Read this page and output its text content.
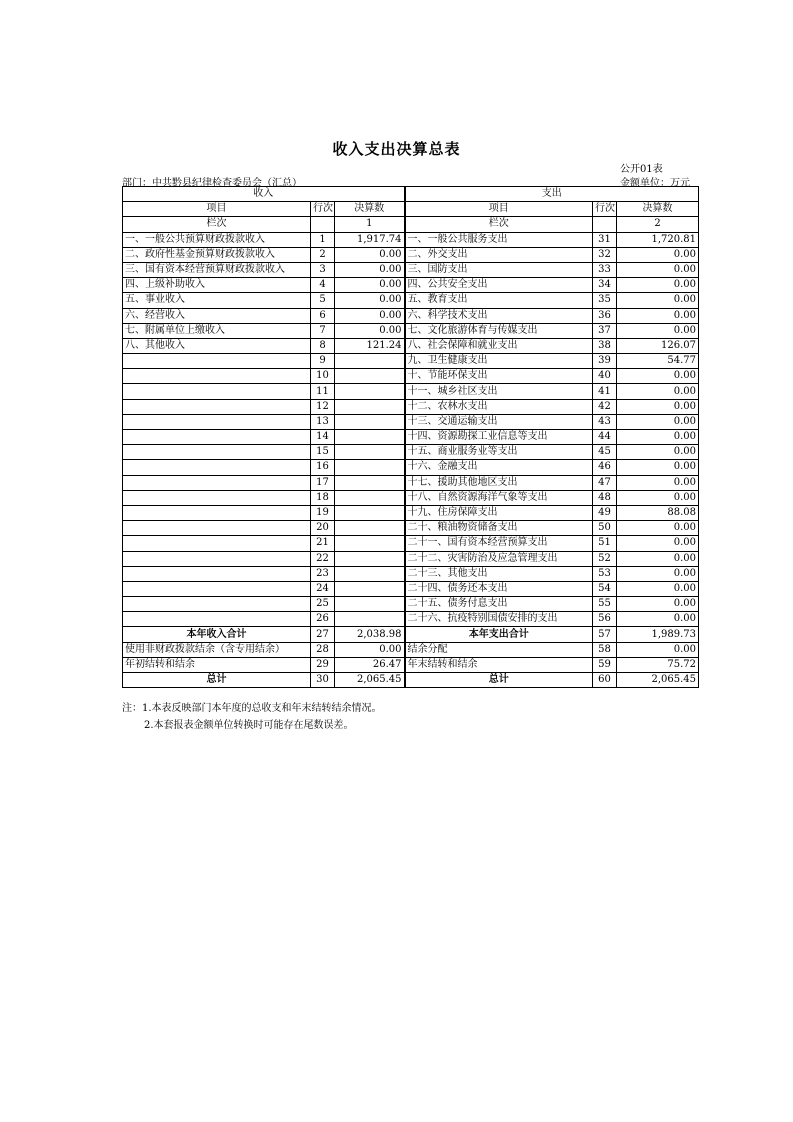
收入支出决算总表
公开01表
部门：中共黔县纪律检查委员会（汇总）	金额单位：万元
收入			支出		
项目	行次	决算数	项目	行次	决算数
栏次		1	栏次		2
一、一般公共预算财政拨款收入	1	1,917.74	一、一般公共服务支出	31	1,720.81
二、政府性基金预算财政拨款收入	2	0.00	二、外交支出	32	0.00
三、国有资本经营预算财政拨款收入	3	0.00	三、国防支出	33	0.00
四、上级补助收入	4	0.00	四、公共安全支出	34	0.00
五、事业收入	5	0.00	五、教育支出	35	0.00
六、经营收入	6	0.00	六、科学技术支出	36	0.00
七、附属单位上缴收入	7	0.00	七、文化旅游体育与传媒支出	37	0.00
八、其他收入	8	121.24	八、社会保障和就业支出	38	126.07
	9		九、卫生健康支出	39	54.77
	10		十、节能环保支出	40	0.00
	11		十一、城乡社区支出	41	0.00
	12		十二、农林水支出	42	0.00
	13		十三、交通运输支出	43	0.00
	14		十四、资源勘探工业信息等支出	44	0.00
	15		十五、商业服务业等支出	45	0.00
	16		十六、金融支出	46	0.00
	17		十七、援助其他地区支出	47	0.00
	18		十八、自然资源海洋气象等支出	48	0.00
	19		十九、住房保障支出	49	88.08
	20		二十、粮油物资储备支出	50	0.00
	21		二十一、国有资本经营预算支出	51	0.00
	22		二十二、灾害防治及应急管理支出	52	0.00
	23		二十三、其他支出	53	0.00
	24		二十四、债务还本支出	54	0.00
	25		二十五、债务付息支出	55	0.00
	26		二十六、抗疫特别国债安排的支出	56	0.00
本年收入合计	27	2,038.98	本年支出合计	57	1,989.73
使用非财政拨款结余（含专用结余）	28	0.00	结余分配	58	0.00
年初结转和结余	29	26.47	年末结转和结余	59	75.72
总计	30	2,065.45	总计	60	2,065.45
注：1.本表反映部门本年度的总收支和年末结转结余情况。
2.本套报表金额单位转换时可能存在尾数误差。
